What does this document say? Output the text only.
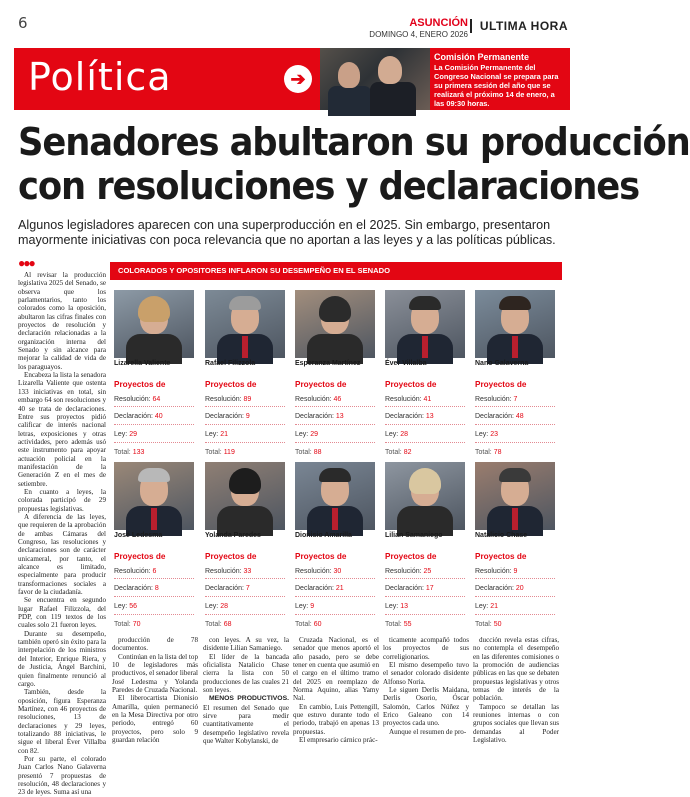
6	ASUNCIÓN
DOMINGO 4, ENERO 2026
ULTIMA HORA
Política	➔
Comisión Permanente
La Comisión Permanente del Congreso Nacional se prepara para su primera sesión del año que se realizará el próximo 14 de enero, a las 09:30 horas.
Senadores abultaron su producción
con resoluciones y declaraciones
Algunos legisladores aparecen con una superproducción en el 2025. Sin embargo, presentaron mayormente iniciativas con poca relevancia que no aportan a las leyes y a las políticas públicas.
●●●

Al revisar la producción legislativa 2025 del Senado, se observa que los parlamentarios, tanto los colorados como la oposición, abultaron las cifras finales con proyectos de resolución y declaración relacionadas a la organización interna del Senado y sin alcance para mejorar la calidad de vida de los paraguayos.

Encabeza la lista la senadora Lizarella Valiente que ostenta 133 iniciativas en total, sin embargo 64 son resoluciones y 40 se trata de declaraciones. Entre sus proyectos pidió calificar de interés nacional letras, exposiciones y otras actividades, pero además usó este instrumento para apoyar actuación policial en la manifestación de la Generación Z en el mes de setiembre.

En cuanto a leyes, la colorada participó de 29 propuestas legislativas.

A diferencia de las leyes, que requieren de la aprobación de ambas Cámaras del Congreso, las resoluciones y declaraciones son de carácter unicameral, por tanto, el alcance es limitado, especialmente para producir transformaciones sociales a favor de la ciudadanía.

Se encuentra en segundo lugar Rafael Filizzola, del PDP, con 119 textos de los cuales solo 21 fueron leyes.

Durante su desempeño, también operó sin éxito para la interpelación de los ministros del Interior, Enrique Riera, y de Justicia, Ángel Barchini, quien finalmente renunció al cargo.

También, desde la oposición, figura Esperanza Martínez, con 46 proyectos de resoluciones, 13 de declaraciones y 29 leyes, totalizando 88 iniciativas, le sigue el liberal Éver Villalba con 82.

Por su parte, el colorado Juan Carlos Nano Galaverna presentó 7 propuestas de resolución, 48 declaraciones y 23 de leyes. Suma así una

COLORADOS Y OPOSITORES INFLARON SU DESEMPEÑO EN EL SENADO
Lizarella Valiente
Proyectos de
Resolución: 64
Declaración: 40
Ley: 29
Total: 133
Rafael Filizzola
Proyectos de
Resolución: 89
Declaración: 9
Ley: 21
Total: 119
Esperanza Martínez
Proyectos de
Resolución: 46
Declaración: 13
Ley: 29
Total: 88
Éver Villalba
Proyectos de
Resolución: 41
Declaración: 13
Ley: 28
Total: 82
Nano Galaverna
Proyectos de
Resolución: 7
Declaración: 48
Ley: 23
Total: 78
José Ledesma
Proyectos de
Resolución: 6
Declaración: 8
Ley: 56
Total: 70
Yolanda Paredes
Proyectos de
Resolución: 33
Declaración: 7
Ley: 28
Total: 68
Dionisio Amarilla
Proyectos de
Resolución: 30
Declaración: 21
Ley: 9
Total: 60
Lilian Samaniego
Proyectos de
Resolución: 25
Declaración: 17
Ley: 13
Total: 55
Natalicio Chase
Proyectos de
Resolución: 9
Declaración: 20
Ley: 21
Total: 50

producción de 78 documentos.

Continúan en la lista del top 10 de legisladores más productivos, el senador liberal José Ledesma y Yolanda Paredes de Cruzada Nacional.

El liberocartista Dionisio Amarilla, quien permaneció en la Mesa Directiva por otro periodo, entregó 60 proyectos, pero solo 9 guardan relación

con leyes. A su vez, la disidente Lilian Samaniego.

El líder de la bancada oficialista Natalicio Chase cierra la lista con 50 producciones de las cuales 21 son leyes.

MENOS PRODUCTIVOS. El resumen del Senado que sirve para medir cuantitativamente el desempeño legislativo revela que Walter Kobylanski, de

Cruzada Nacional, es el senador que menos aportó el año pasado, pero se debe tener en cuenta que asumió en el cargo en el último tramo del 2025 en reemplazo de Norma Aquino, alias Yamy Nal.

En cambio, Luis Pettengill, que estuvo durante todo el periodo, trabajó en apenas 13 propuestas.

El empresario cárnico prác-

ticamente acompañó todos los proyectos de sus correligionarios.

El mismo desempeño tuvo el senador colorado disidente Alfonso Noria.

Le siguen Derlis Maidana, Derlis Osorio, Óscar Salomón, Carlos Núñez y Erico Galeano con 14 proyectos cada uno.

Aunque el resumen de pro-

ducción revela estas cifras, no contempla el desempeño en las diferentes comisiones o la promoción de audiencias públicas en las que se debaten propuestas legislativas y otros temas de interés de la población.

Tampoco se detallan las reuniones internas o con grupos sociales que llevan sus demandas al Poder Legislativo.
